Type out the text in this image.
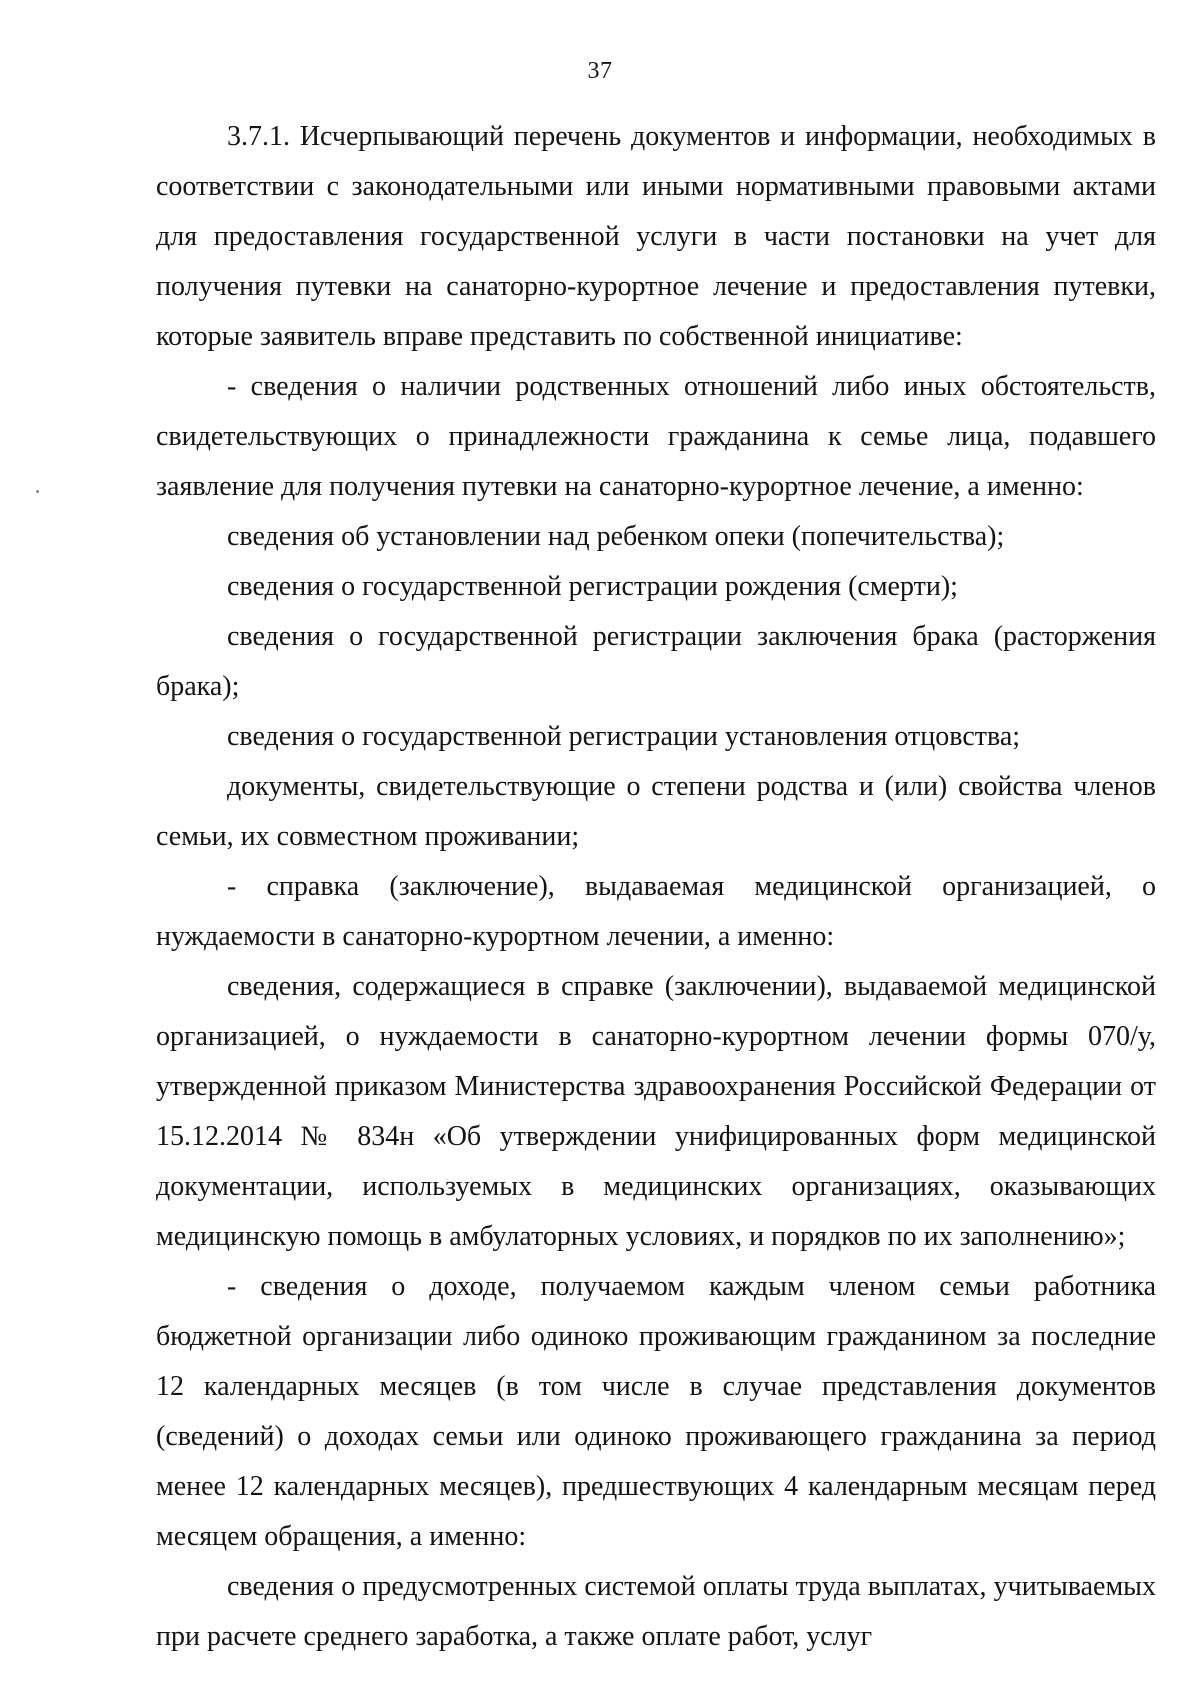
37

3.7.1. Исчерпывающий перечень документов и информации, необходимых в соответствии с законодательными или иными нормативными правовыми актами для предоставления государственной услуги в части постановки на учет для получения путевки на санаторно-курортное лечение и предоставления путевки, которые заявитель вправе представить по собственной инициативе:

- сведения о наличии родственных отношений либо иных обстоятельств, свидетельствующих о принадлежности гражданина к семье лица, подавшего заявление для получения путевки на санаторно-курортное лечение, а именно:

сведения об установлении над ребенком опеки (попечительства);

сведения о государственной регистрации рождения (смерти);

сведения о государственной регистрации заключения брака (расторжения брака);

сведения о государственной регистрации установления отцовства;

документы, свидетельствующие о степени родства и (или) свойства членов семьи, их совместном проживании;

- справка (заключение), выдаваемая медицинской организацией, о нуждаемости в санаторно-курортном лечении, а именно:

сведения, содержащиеся в справке (заключении), выдаваемой медицинской организацией, о нуждаемости в санаторно-курортном лечении формы 070/у, утвержденной приказом Министерства здравоохранения Российской Федерации от 15.12.2014 № 834н «Об утверждении унифицированных форм медицинской документации, используемых в медицинских организациях, оказывающих медицинскую помощь в амбулаторных условиях, и порядков по их заполнению»;

- сведения о доходе, получаемом каждым членом семьи работника бюджетной организации либо одиноко проживающим гражданином за последние 12 календарных месяцев (в том числе в случае представления документов (сведений) о доходах семьи или одиноко проживающего гражданина за период менее 12 календарных месяцев), предшествующих 4 календарным месяцам перед месяцем обращения, а именно:

сведения о предусмотренных системой оплаты труда выплатах, учитываемых при расчете среднего заработка, а также оплате работ, услуг
